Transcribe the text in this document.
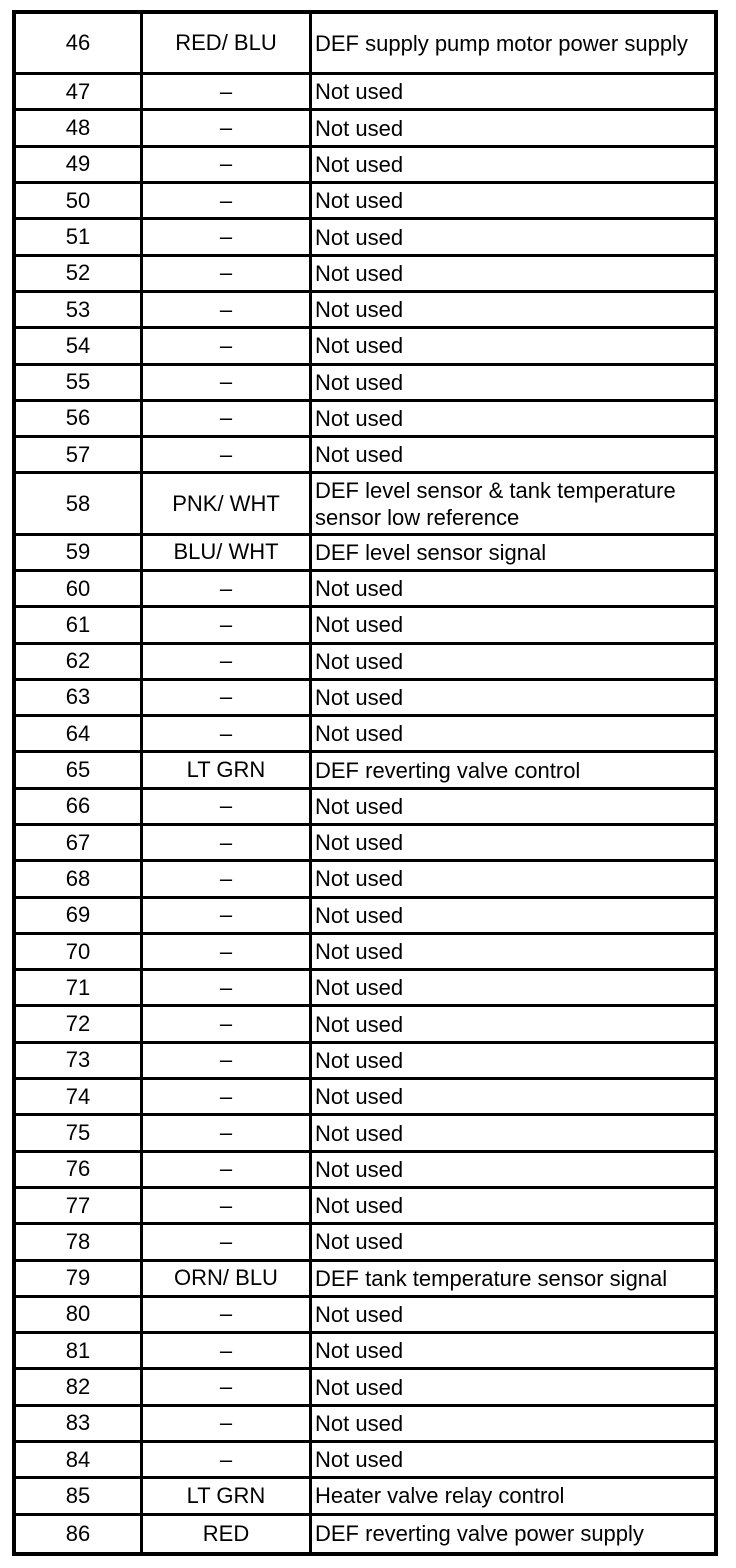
46	RED/ BLU	DEF supply pump motor power supply
47	–	Not used
48	–	Not used
49	–	Not used
50	–	Not used
51	–	Not used
52	–	Not used
53	–	Not used
54	–	Not used
55	–	Not used
56	–	Not used
57	–	Not used
58	PNK/ WHT	DEF level sensor & tank temperature sensor low reference
59	BLU/ WHT	DEF level sensor signal
60	–	Not used
61	–	Not used
62	–	Not used
63	–	Not used
64	–	Not used
65	LT GRN	DEF reverting valve control
66	–	Not used
67	–	Not used
68	–	Not used
69	–	Not used
70	–	Not used
71	–	Not used
72	–	Not used
73	–	Not used
74	–	Not used
75	–	Not used
76	–	Not used
77	–	Not used
78	–	Not used
79	ORN/ BLU	DEF tank temperature sensor signal
80	–	Not used
81	–	Not used
82	–	Not used
83	–	Not used
84	–	Not used
85	LT GRN	Heater valve relay control
86	RED	DEF reverting valve power supply
